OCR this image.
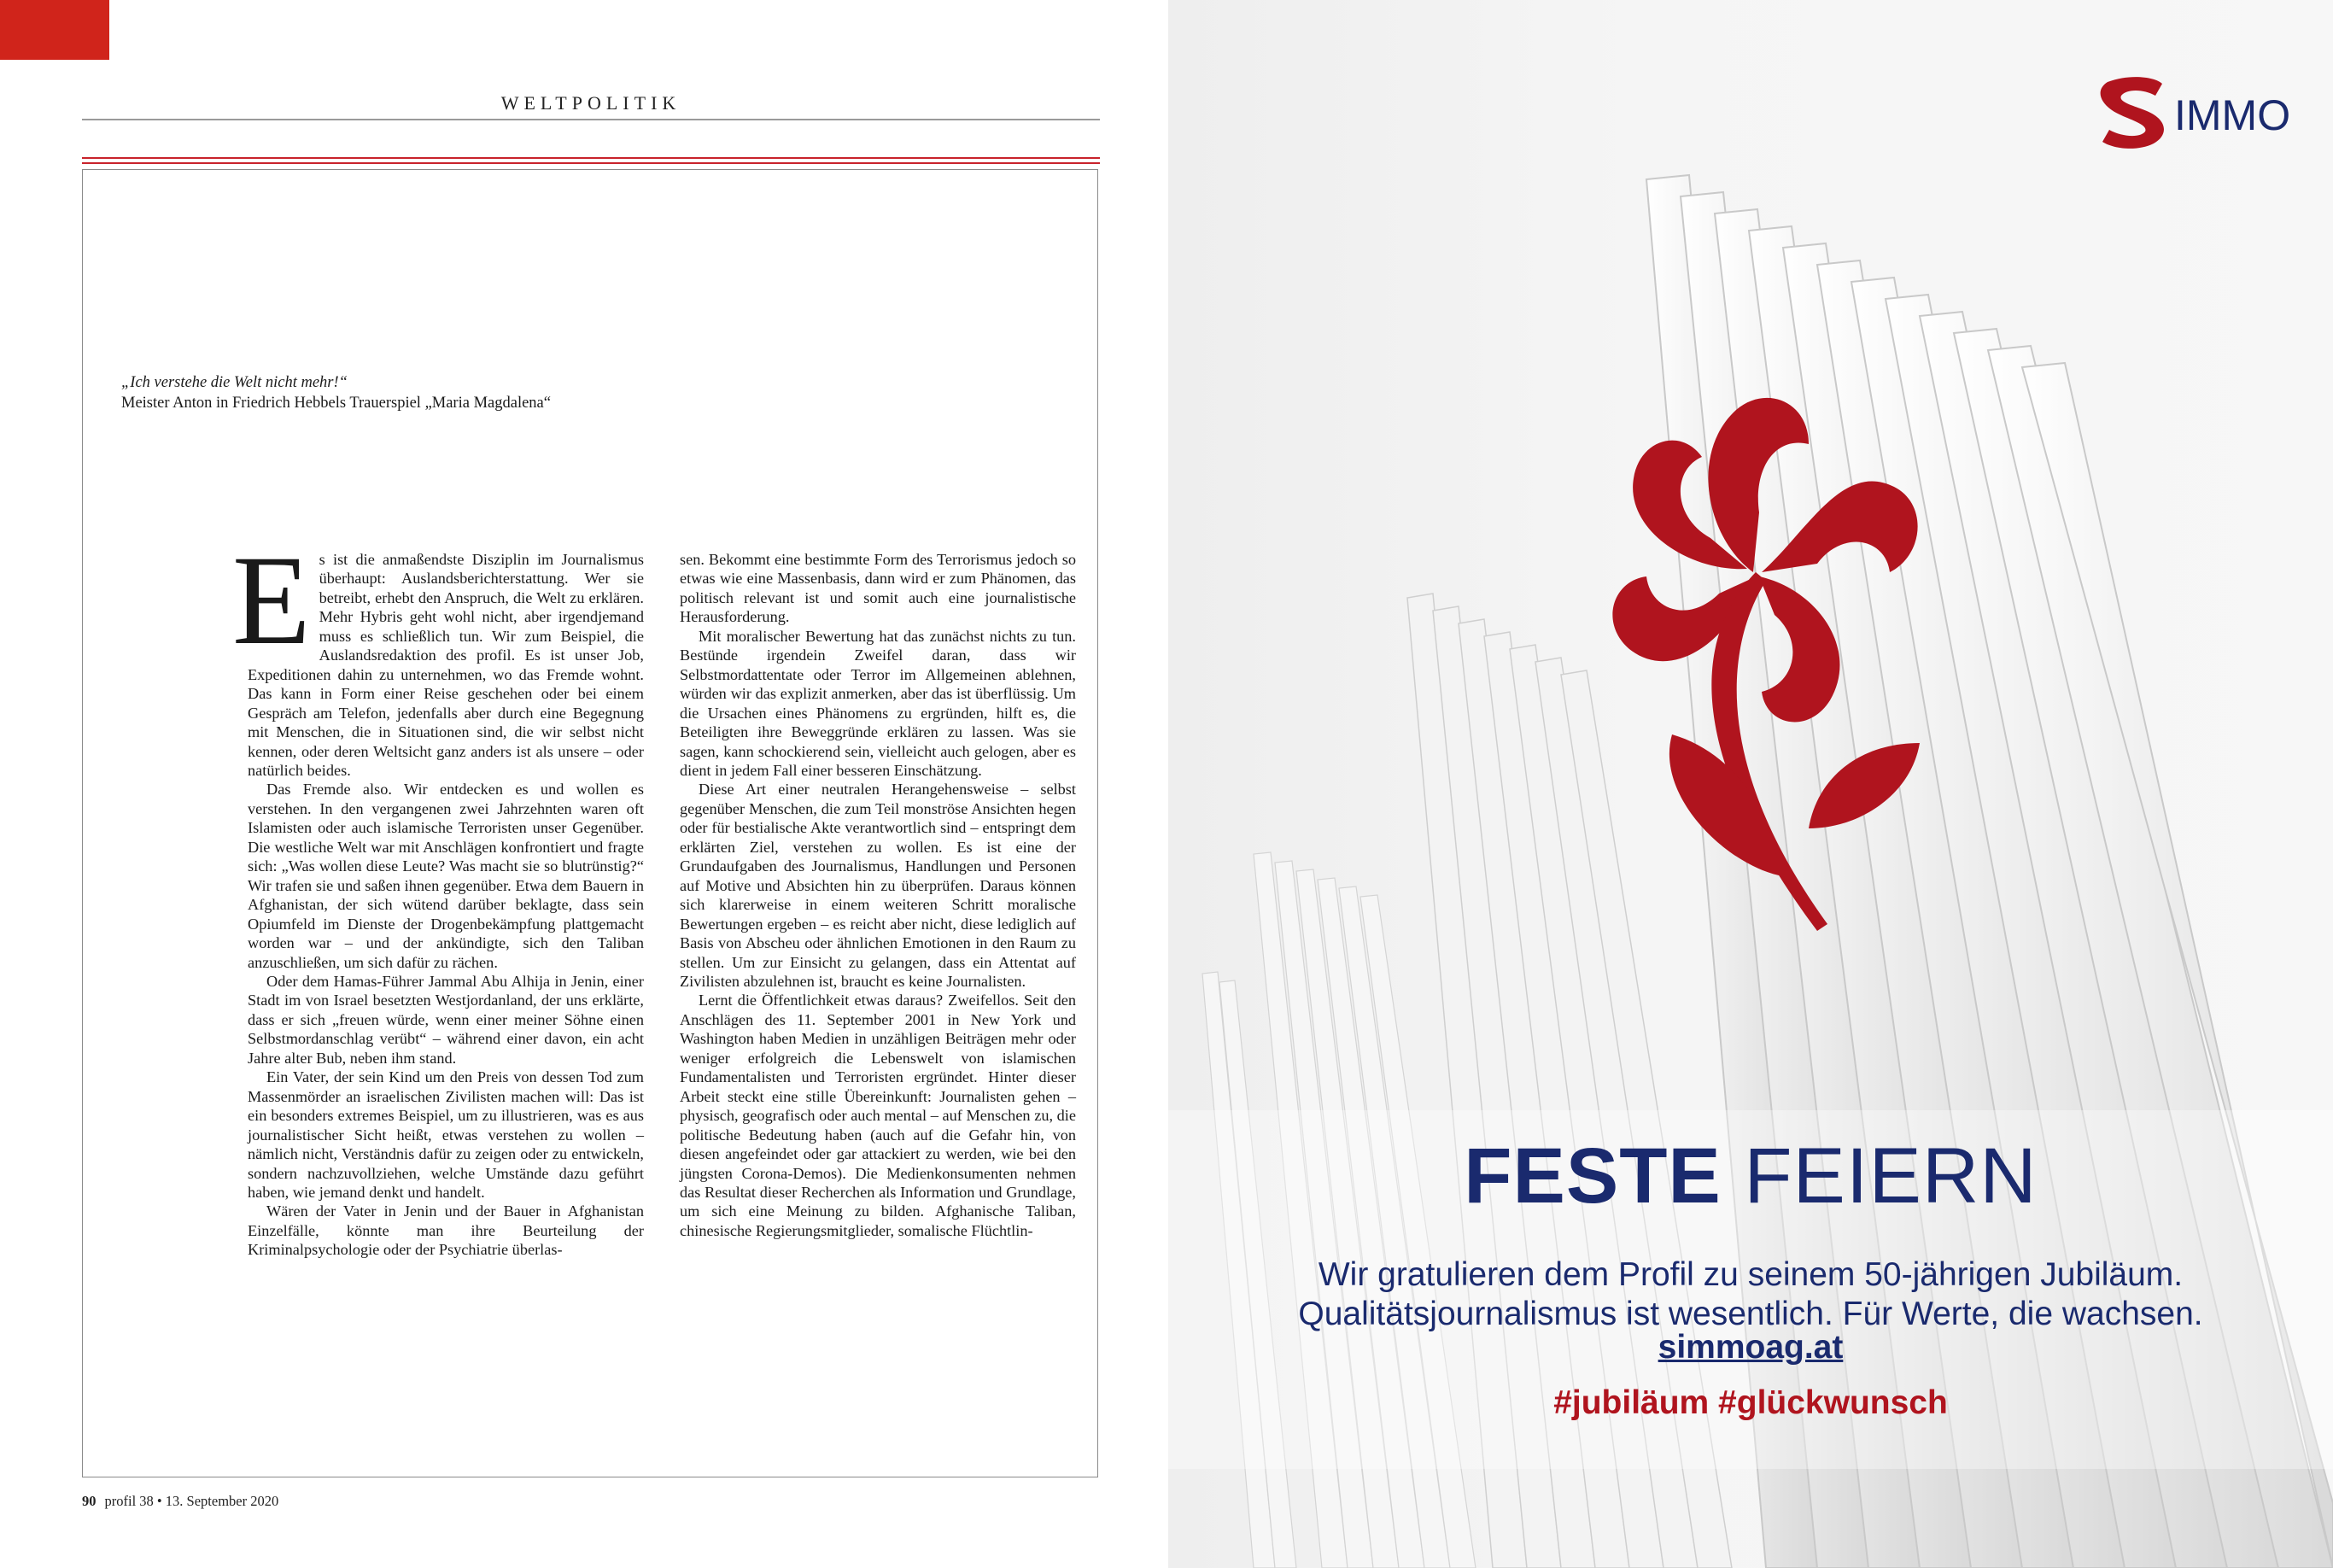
WELTPOLITIK
„Ich verstehe die Welt nicht mehr!“
Meister Anton in Friedrich Hebbels Trauerspiel „Maria Magdalena“

Es ist die anmaßendste Disziplin im Journalismus überhaupt: Auslandsberichterstattung. Wer sie betreibt, erhebt den Anspruch, die Welt zu erklären. Mehr Hybris geht wohl nicht, aber irgendjemand muss es schließlich tun. Wir zum Beispiel, die Auslandsredaktion des profil. Es ist unser Job, Expeditionen dahin zu unternehmen, wo das Fremde wohnt. Das kann in Form einer Reise geschehen oder bei einem Gespräch am Telefon, jedenfalls aber durch eine Begegnung mit Menschen, die in Situationen sind, die wir selbst nicht kennen, oder deren Weltsicht ganz anders ist als unsere – oder natürlich beides.

Das Fremde also. Wir entdecken es und wollen es verstehen. In den vergangenen zwei Jahrzehnten waren oft Islamisten oder auch islamische Terroristen unser Gegenüber. Die westliche Welt war mit Anschlägen konfrontiert und fragte sich: „Was wollen diese Leute? Was macht sie so blutrünstig?“ Wir trafen sie und saßen ihnen gegenüber. Etwa dem Bauern in Afghanistan, der sich wütend darüber beklagte, dass sein Opiumfeld im Dienste der Drogenbekämpfung plattgemacht worden war – und der ankündigte, sich den Taliban anzuschließen, um sich dafür zu rächen.

Oder dem Hamas-Führer Jammal Abu Alhija in Jenin, einer Stadt im von Israel besetzten Westjordanland, der uns erklärte, dass er sich „freuen würde, wenn einer meiner Söhne einen Selbstmordanschlag verübt“ – während einer davon, ein acht Jahre alter Bub, neben ihm stand.

Ein Vater, der sein Kind um den Preis von dessen Tod zum Massenmörder an israelischen Zivilisten machen will: Das ist ein besonders extremes Beispiel, um zu illustrieren, was es aus journalistischer Sicht heißt, etwas verstehen zu wollen – nämlich nicht, Verständnis dafür zu zeigen oder zu entwickeln, sondern nachzuvollziehen, welche Umstände dazu geführt haben, wie jemand denkt und handelt.

Wären der Vater in Jenin und der Bauer in Afghanistan Einzelfälle, könnte man ihre Beurteilung der Kriminalpsychologie oder der Psychiatrie überlas-

sen. Bekommt eine bestimmte Form des Terrorismus jedoch so etwas wie eine Massenbasis, dann wird er zum Phänomen, das politisch relevant ist und somit auch eine journalistische Herausforderung.

Mit moralischer Bewertung hat das zunächst nichts zu tun. Bestünde irgendein Zweifel daran, dass wir Selbstmordattentate oder Terror im Allgemeinen ablehnen, würden wir das explizit anmerken, aber das ist überflüssig. Um die Ursachen eines Phänomens zu ergründen, hilft es, die Beteiligten ihre Beweggründe erklären zu lassen. Was sie sagen, kann schockierend sein, vielleicht auch gelogen, aber es dient in jedem Fall einer besseren Einschätzung.

Diese Art einer neutralen Herangehensweise – selbst gegenüber Menschen, die zum Teil monströse Ansichten hegen oder für bestialische Akte verantwortlich sind – entspringt dem erklärten Ziel, verstehen zu wollen. Es ist eine der Grundaufgaben des Journalismus, Handlungen und Personen auf Motive und Absichten hin zu überprüfen. Daraus können sich klarerweise in einem weiteren Schritt moralische Bewertungen ergeben – es reicht aber nicht, diese lediglich auf Basis von Abscheu oder ähnlichen Emotionen in den Raum zu stellen. Um zur Einsicht zu gelangen, dass ein Attentat auf Zivilisten abzulehnen ist, braucht es keine Journalisten.

Lernt die Öffentlichkeit etwas daraus? Zweifellos. Seit den Anschlägen des 11. September 2001 in New York und Washington haben Medien in unzähligen Beiträgen mehr oder weniger erfolgreich die Lebenswelt von islamischen Fundamentalisten und Terroristen ergründet. Hinter dieser Arbeit steckt eine stille Übereinkunft: Journalisten gehen – physisch, geografisch oder auch mental – auf Menschen zu, die politische Bedeutung haben (auch auf die Gefahr hin, von diesen angefeindet oder gar attackiert zu werden, wie bei den jüngsten Corona-Demos). Die Medienkonsumenten nehmen das Resultat dieser Recherchen als Information und Grundlage, um sich eine Meinung zu bilden. Afghanische Taliban, chinesische Regierungsmitglieder, somalische Flüchtlin-

90 profil 38 • 13. September 2020
IMMO
FESTE FEIERN
Wir gratulieren dem Profil zu seinem 50-jährigen Jubiläum.
Qualitätsjournalismus ist wesentlich. Für Werte, die wachsen.
simmoag.at
#jubiläum #glückwunsch
